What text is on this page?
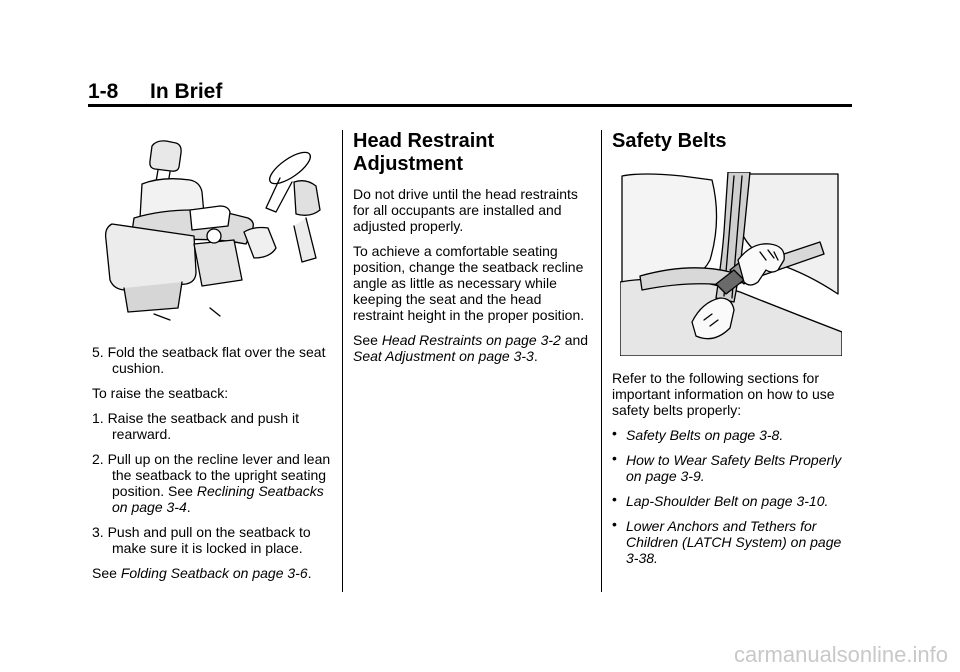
1-8 In Brief

5. Fold the seatback flat over the seat cushion.

To raise the seatback:

1. Raise the seatback and push it rearward.

2. Pull up on the recline lever and lean the seatback to the upright seating position. See Reclining Seatbacks on page 3-4.

3. Push and pull on the seatback to make sure it is locked in place.

See Folding Seatback on page 3-6.

Head Restraint Adjustment

Do not drive until the head restraints for all occupants are installed and adjusted properly.

To achieve a comfortable seating position, change the seatback recline angle as little as necessary while keeping the seat and the head restraint height in the proper position.

See Head Restraints on page 3-2 and Seat Adjustment on page 3-3.

Safety Belts

Refer to the following sections for important information on how to use safety belts properly:

• Safety Belts on page 3-8.

• How to Wear Safety Belts Properly on page 3-9.

• Lap-Shoulder Belt on page 3-10.

• Lower Anchors and Tethers for Children (LATCH System) on page 3-38.

carmanualsonline.info
